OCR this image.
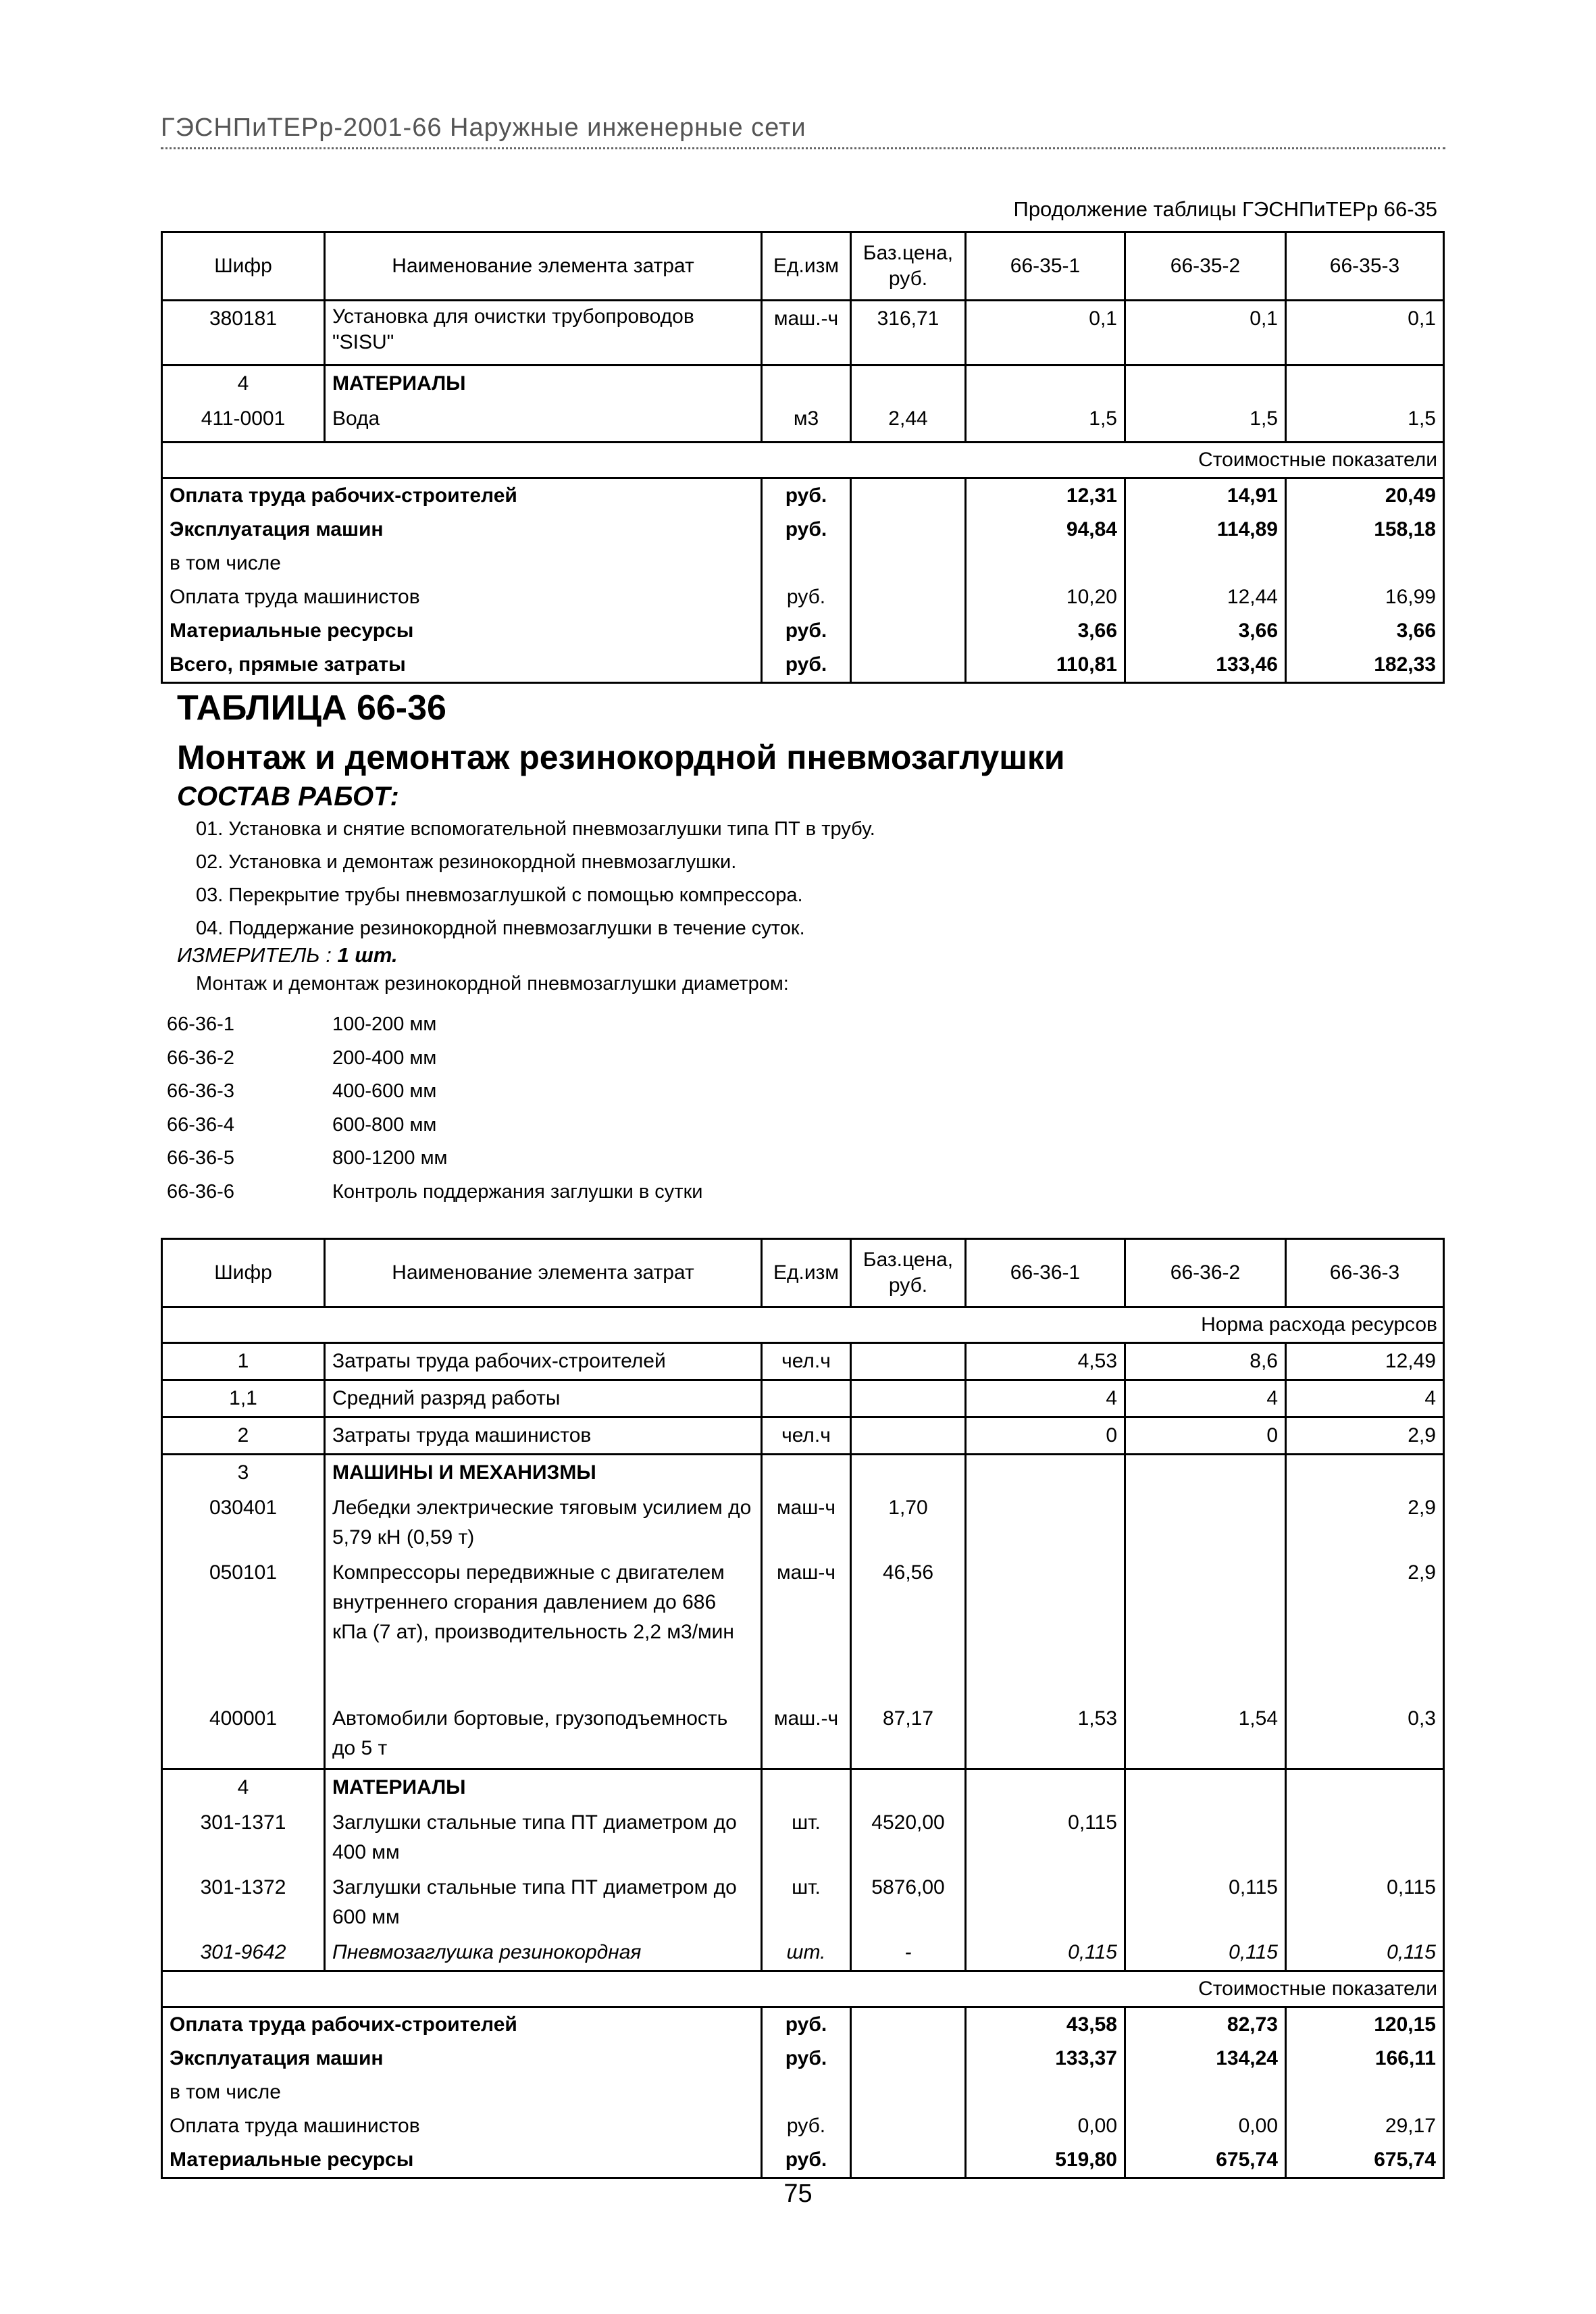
ГЭСНПиТЕРр-2001-66 Наружные инженерные сети
Продолжение таблицы ГЭСНПиТЕРр 66-35
Шифр	Наименование элемента затрат	Ед.изм	Баз.цена, руб.	66-35-1	66-35-2	66-35-3
380181	Установка для очистки трубопроводов "SISU"	маш.-ч	316,71	0,1	0,1	0,1
4	МАТЕРИАЛЫ					
411-0001	Вода	м3	2,44	1,5	1,5	1,5
Стоимостные показатели						
Оплата труда рабочих-строителей		руб.		12,31	14,91	20,49
Эксплуатация машин		руб.		94,84	114,89	158,18
в том числе						
Оплата труда машинистов		руб.		10,20	12,44	16,99
Материальные ресурсы		руб.		3,66	3,66	3,66
Всего, прямые затраты		руб.		110,81	133,46	182,33
ТАБЛИЦА 66-36
Монтаж и демонтаж резинокордной пневмозаглушки
СОСТАВ РАБОТ:
01. Установка и снятие вспомогательной пневмозаглушки типа ПТ в трубу.
02. Установка и демонтаж резинокордной пневмозаглушки.
03. Перекрытие трубы пневмозаглушкой с помощью компрессора.
04. Поддержание резинокордной пневмозаглушки в течение суток.
ИЗМЕРИТЕЛЬ : 1 шт.
Монтаж и демонтаж резинокордной пневмозаглушки диаметром:
66-36-1	100-200 мм
66-36-2	200-400 мм
66-36-3	400-600 мм
66-36-4	600-800 мм
66-36-5	800-1200 мм
66-36-6	Контроль поддержания заглушки в сутки
Шифр	Наименование элемента затрат	Ед.изм	Баз.цена, руб.	66-36-1	66-36-2	66-36-3
Норма расхода ресурсов						
1	Затраты труда рабочих-строителей	чел.ч		4,53	8,6	12,49
1,1	Средний разряд работы			4	4	4
2	Затраты труда машинистов	чел.ч		0	0	2,9
3	МАШИНЫ И МЕХАНИЗМЫ					
030401	Лебедки электрические тяговым усилием до 5,79 кН (0,59 т)	маш-ч	1,70			2,9
050101	Компрессоры передвижные с двигателем внутреннего сгорания давлением до 686 кПа (7 ат), производительность 2,2 м3/мин	маш-ч	46,56			2,9
400001	Автомобили бортовые, грузоподъемность до 5 т	маш.-ч	87,17	1,53	1,54	0,3
4	МАТЕРИАЛЫ					
301-1371	Заглушки стальные типа ПТ диаметром до 400 мм	шт.	4520,00	0,115		
301-1372	Заглушки стальные типа ПТ диаметром до 600 мм	шт.	5876,00		0,115	0,115
301-9642	Пневмозаглушка резинокордная	шт.	-	0,115	0,115	0,115
Стоимостные показатели						
Оплата труда рабочих-строителей		руб.		43,58	82,73	120,15
Эксплуатация машин		руб.		133,37	134,24	166,11
в том числе						
Оплата труда машинистов		руб.		0,00	0,00	29,17
Материальные ресурсы		руб.		519,80	675,74	675,74
75
